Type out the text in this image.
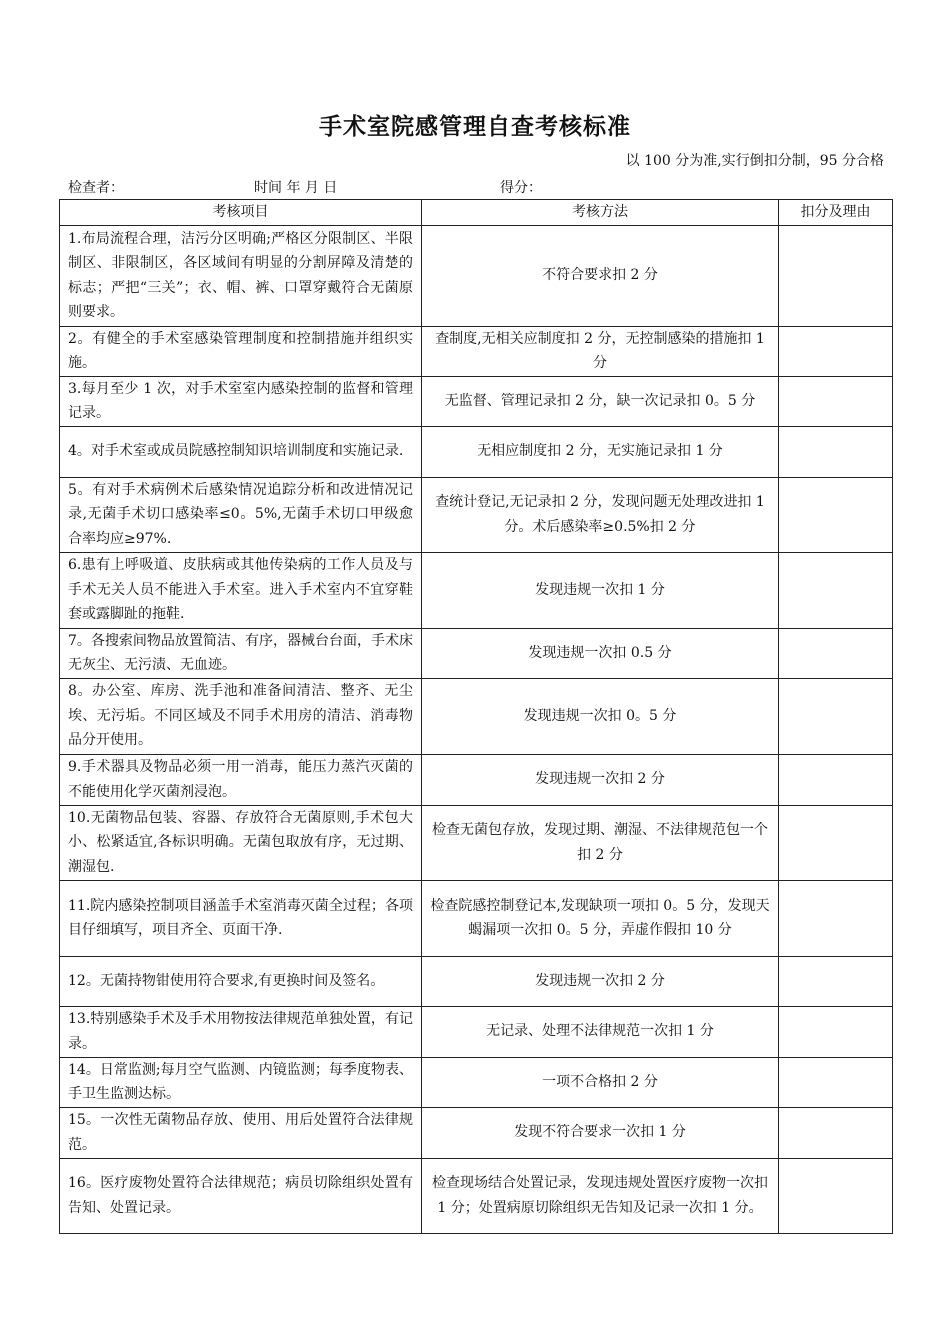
手术室院感管理自查考核标准
以 100 分为准,实行倒扣分制，95 分合格
检查者：	时间 年 月 日	得分：
考核项目	考核方法	扣分及理由
1.布局流程合理，洁污分区明确;严格区分限制区、半限制区、非限制区，各区域间有明显的分割屏障及清楚的标志；严把“三关”；衣、帽、裤、口罩穿戴符合无菌原则要求。	不符合要求扣 2 分	
2。有健全的手术室感染管理制度和控制措施并组织实施。	查制度,无相关应制度扣 2 分，无控制感染的措施扣 1 分	
3.每月至少 1 次，对手术室室内感染控制的监督和管理记录。	无监督、管理记录扣 2 分，缺一次记录扣 0。5 分	
4。对手术室或成员院感控制知识培训制度和实施记录.	无相应制度扣 2 分，无实施记录扣 1 分	
5。有对手术病例术后感染情况追踪分析和改进情况记录,无菌手术切口感染率≤0。5%,无菌手术切口甲级愈合率均应≥97%.	查统计登记,无记录扣 2 分，发现问题无处理改进扣 1 分。术后感染率≥0.5%扣 2 分	
6.患有上呼吸道、皮肤病或其他传染病的工作人员及与手术无关人员不能进入手术室。进入手术室内不宜穿鞋套或露脚趾的拖鞋.	发现违规一次扣 1 分	
7。各搜索间物品放置简洁、有序，器械台台面，手术床无灰尘、无污渍、无血迹。	发现违规一次扣 0.5 分	
8。办公室、库房、洗手池和准备间清洁、整齐、无尘埃、无污垢。不同区域及不同手术用房的清洁、消毒物品分开使用。	发现违规一次扣 0。5 分	
9.手术器具及物品必须一用一消毒，能压力蒸汽灭菌的不能使用化学灭菌剂浸泡。	发现违规一次扣 2 分	
10.无菌物品包装、容器、存放符合无菌原则,手术包大小、松紧适宜,各标识明确。无菌包取放有序，无过期、潮湿包.	检查无菌包存放，发现过期、潮湿、不法律规范包一个扣 2 分	
11.院内感染控制项目涵盖手术室消毒灭菌全过程；各项目仔细填写，项目齐全、页面干净.	检查院感控制登记本,发现缺项一项扣 0。5 分，发现天蝎漏项一次扣 0。5 分，弄虚作假扣 10 分	
12。无菌持物钳使用符合要求,有更换时间及签名。	发现违规一次扣 2 分	
13.特别感染手术及手术用物按法律规范单独处置，有记录。	无记录、处理不法律规范一次扣 1 分	
14。日常监测;每月空气监测、内镜监测；每季度物表、手卫生监测达标。	一项不合格扣 2 分	
15。一次性无菌物品存放、使用、用后处置符合法律规范。	发现不符合要求一次扣 1 分	
16。医疗废物处置符合法律规范；病员切除组织处置有告知、处置记录。	检查现场结合处置记录，发现违规处置医疗废物一次扣 1 分；处置病原切除组织无告知及记录一次扣 1 分。	
